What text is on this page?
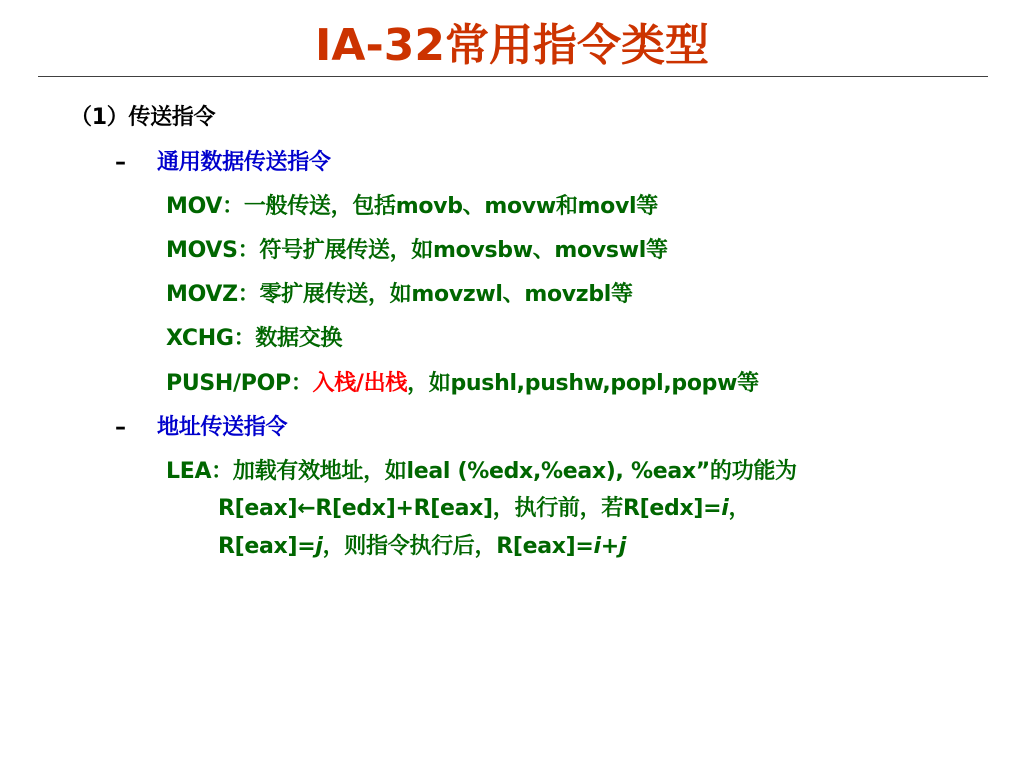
IA-32常用指令类型
（1）传送指令
– 通用数据传送指令
MOV：一般传送，包括movb、movw和movl等
MOVS：符号扩展传送，如movsbw、movswl等
MOVZ：零扩展传送，如movzwl、movzbl等
XCHG：数据交换
PUSH/POP：入栈/出栈，如pushl,pushw,popl,popw等
– 地址传送指令
LEA：加载有效地址，如leal (%edx,%eax), %eax”的功能为
R[eax]←R[edx]+R[eax]，执行前，若R[edx]=i，
R[eax]=j，则指令执行后，R[eax]=i+j
